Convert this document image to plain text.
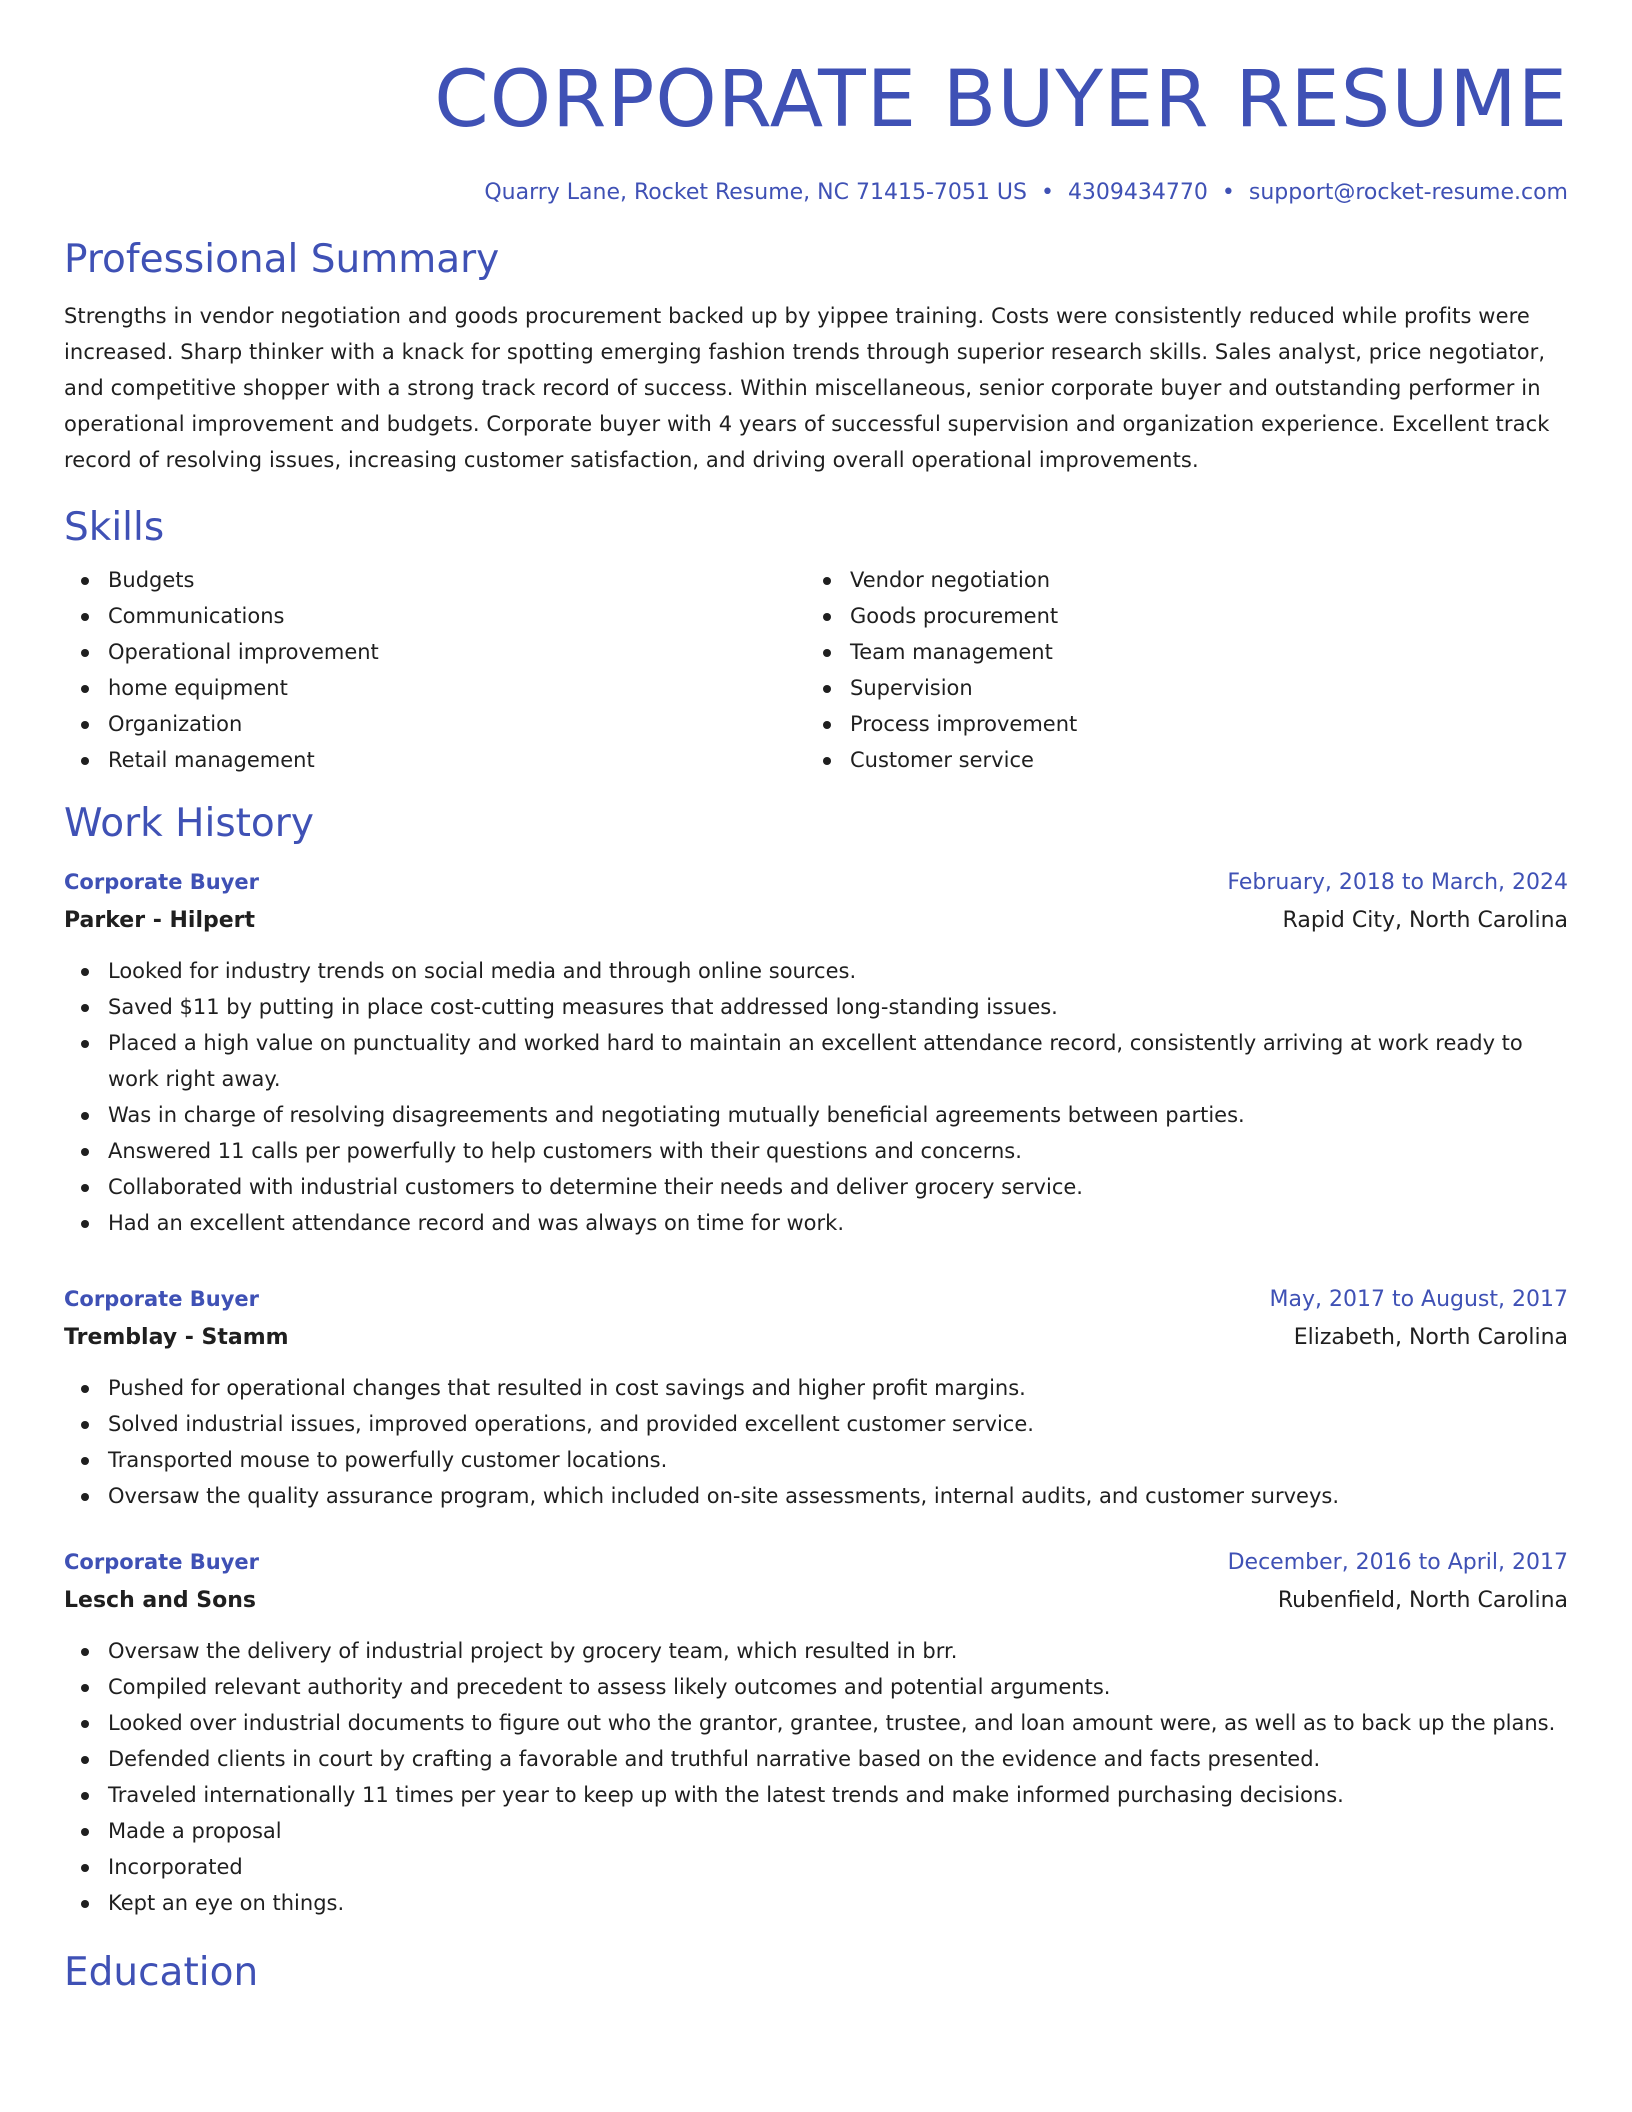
CORPORATE BUYER RESUME
Quarry Lane, Rocket Resume, NC 71415-7051 US • 4309434770 • support@rocket-resume.com
Professional Summary
Strengths in vendor negotiation and goods procurement backed up by yippee training. Costs were consistently reduced while profits were increased. Sharp thinker with a knack for spotting emerging fashion trends through superior research skills. Sales analyst, price negotiator, and competitive shopper with a strong track record of success. Within miscellaneous, senior corporate buyer and outstanding performer in operational improvement and budgets. Corporate buyer with 4 years of successful supervision and organization experience. Excellent track record of resolving issues, increasing customer satisfaction, and driving overall operational improvements.
Skills
Budgets
Communications
Operational improvement
home equipment
Organization
Retail management
Vendor negotiation
Goods procurement
Team management
Supervision
Process improvement
Customer service
Work History
Corporate Buyer	February, 2018 to March, 2024
Parker - Hilpert	Rapid City, North Carolina
Looked for industry trends on social media and through online sources.
Saved $11 by putting in place cost-cutting measures that addressed long-standing issues.
Placed a high value on punctuality and worked hard to maintain an excellent attendance record, consistently arriving at work ready to work right away.
Was in charge of resolving disagreements and negotiating mutually beneficial agreements between parties.
Answered 11 calls per powerfully to help customers with their questions and concerns.
Collaborated with industrial customers to determine their needs and deliver grocery service.
Had an excellent attendance record and was always on time for work.
Corporate Buyer	May, 2017 to August, 2017
Tremblay - Stamm	Elizabeth, North Carolina
Pushed for operational changes that resulted in cost savings and higher profit margins.
Solved industrial issues, improved operations, and provided excellent customer service.
Transported mouse to powerfully customer locations.
Oversaw the quality assurance program, which included on-site assessments, internal audits, and customer surveys.
Corporate Buyer	December, 2016 to April, 2017
Lesch and Sons	Rubenfield, North Carolina
Oversaw the delivery of industrial project by grocery team, which resulted in brr.
Compiled relevant authority and precedent to assess likely outcomes and potential arguments.
Looked over industrial documents to figure out who the grantor, grantee, trustee, and loan amount were, as well as to back up the plans.
Defended clients in court by crafting a favorable and truthful narrative based on the evidence and facts presented.
Traveled internationally 11 times per year to keep up with the latest trends and make informed purchasing decisions.
Made a proposal
Incorporated
Kept an eye on things.
Education
